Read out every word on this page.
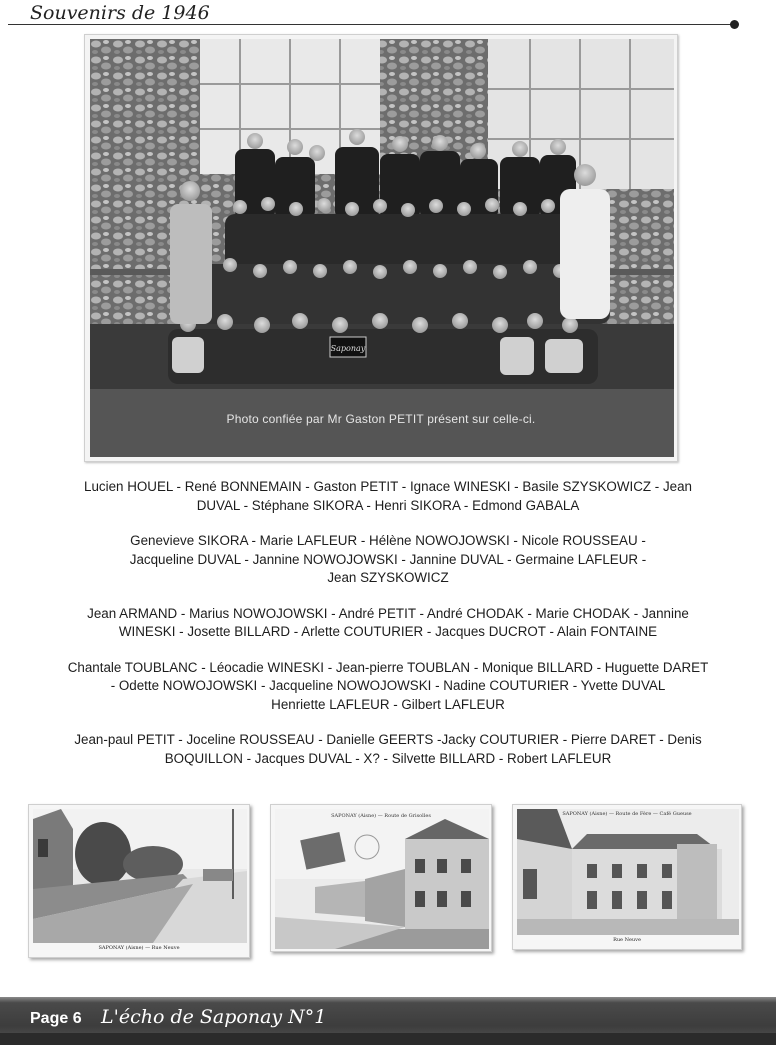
Souvenirs de 1946
Saponay
Photo confiée par Mr Gaston PETIT présent sur celle-ci.

Lucien HOUEL - René BONNEMAIN - Gaston PETIT - Ignace WINESKI - Basile SZYSKOWICZ - Jean

DUVAL - Stéphane SIKORA - Henri SIKORA - Edmond GABALA

Genevieve SIKORA - Marie LAFLEUR - Hélène NOWOJOWSKI - Nicole ROUSSEAU -

Jacqueline DUVAL - Jannine NOWOJOWSKI - Jannine DUVAL - Germaine LAFLEUR -

Jean SZYSKOWICZ

Jean ARMAND - Marius NOWOJOWSKI - André PETIT - André CHODAK - Marie CHODAK - Jannine

WINESKI - Josette BILLARD - Arlette COUTURIER - Jacques DUCROT - Alain FONTAINE

Chantale TOUBLANC - Léocadie WINESKI - Jean-pierre TOUBLAN - Monique BILLARD - Huguette DARET

- Odette NOWOJOWSKI - Jacqueline NOWOJOWSKI - Nadine COUTURIER - Yvette DUVAL

Henriette LAFLEUR - Gilbert LAFLEUR

Jean-paul PETIT - Joceline ROUSSEAU - Danielle GEERTS -Jacky COUTURIER - Pierre DARET - Denis

BOQUILLON - Jacques DUVAL - X? - Silvette BILLARD - Robert LAFLEUR

SAPONAY (Aisne) — Rue Neuve
SAPONAY (Aisne) — Route de Grisolles	SAPONAY (Aisne) — Route de Fère — Café Gueuse
Rue Neuve
Page 6 L'écho de Saponay N°1
